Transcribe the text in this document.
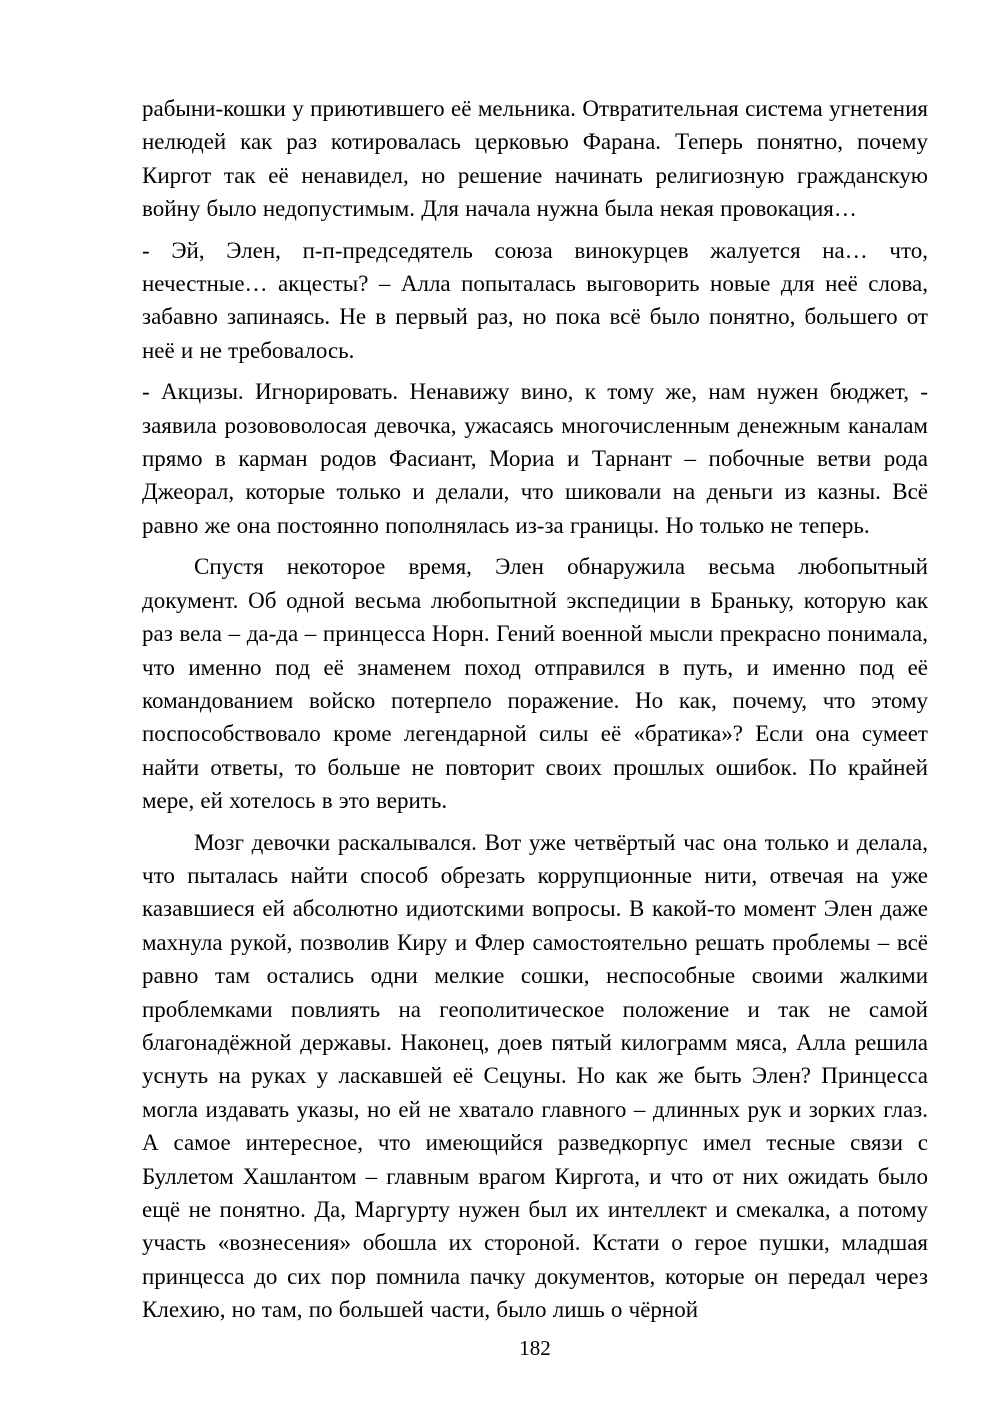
рабыни-кошки у приютившего её мельника. Отвратительная система угнетения нелюдей как раз котировалась церковью Фарана. Теперь понятно, почему Киргот так её ненавидел, но решение начинать религиозную гражданскую войну было недопустимым. Для начала нужна была некая провокация…

- Эй, Элен, п-п-председятель союза винокурцев жалуется на… что, нечестные… акцесты? – Алла попыталась выговорить новые для неё слова, забавно запинаясь. Не в первый раз, но пока всё было понятно, большего от неё и не требовалось.

- Акцизы. Игнорировать. Ненавижу вино, к тому же, нам нужен бюджет, - заявила розововолосая девочка, ужасаясь многочисленным денежным каналам прямо в карман родов Фасиант, Мориа и Тарнант – побочные ветви рода Джеорал, которые только и делали, что шиковали на деньги из казны. Всё равно же она постоянно пополнялась из-за границы. Но только не теперь.

Спустя некоторое время, Элен обнаружила весьма любопытный документ. Об одной весьма любопытной экспедиции в Браньку, которую как раз вела – да-да – принцесса Норн. Гений военной мысли прекрасно понимала, что именно под её знаменем поход отправился в путь, и именно под её командованием войско потерпело поражение. Но как, почему, что этому поспособствовало кроме легендарной силы её «братика»? Если она сумеет найти ответы, то больше не повторит своих прошлых ошибок. По крайней мере, ей хотелось в это верить.

Мозг девочки раскалывался. Вот уже четвёртый час она только и делала, что пыталась найти способ обрезать коррупционные нити, отвечая на уже казавшиеся ей абсолютно идиотскими вопросы. В какой-то момент Элен даже махнула рукой, позволив Киру и Флер самостоятельно решать проблемы – всё равно там остались одни мелкие сошки, неспособные своими жалкими проблемками повлиять на геополитическое положение и так не самой благонадёжной державы. Наконец, доев пятый килограмм мяса, Алла решила уснуть на руках у ласкавшей её Сецуны. Но как же быть Элен? Принцесса могла издавать указы, но ей не хватало главного – длинных рук и зорких глаз. А самое интересное, что имеющийся разведкорпус имел тесные связи с Буллетом Хашлантом – главным врагом Киргота, и что от них ожидать было ещё не понятно. Да, Маргурту нужен был их интеллект и смекалка, а потому участь «вознесения» обошла их стороной. Кстати о герое пушки, младшая принцесса до сих пор помнила пачку документов, которые он передал через Клехию, но там, по большей части, было лишь о чёрной

182
